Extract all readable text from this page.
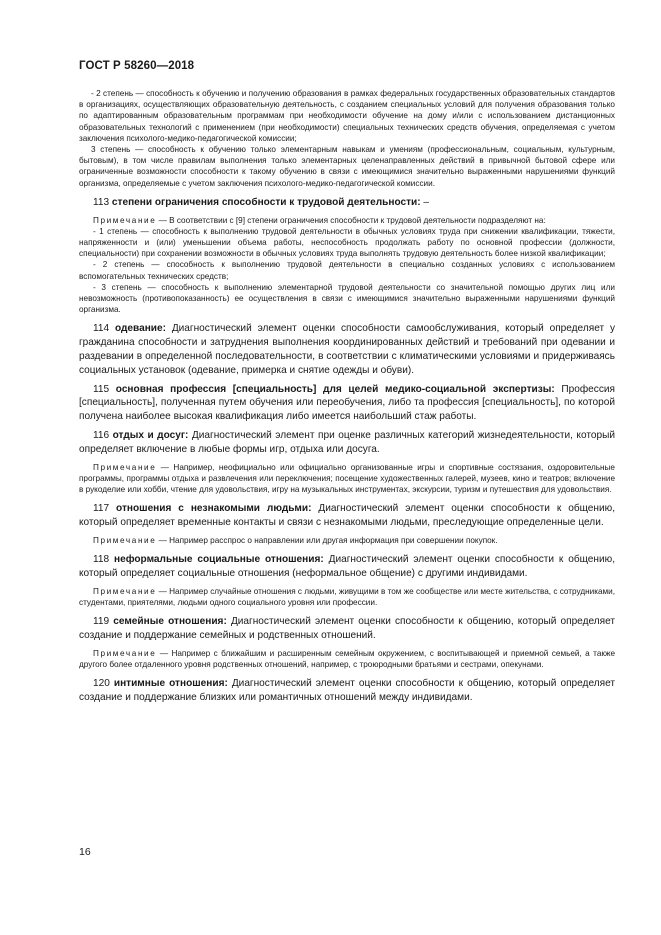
ГОСТ Р 58260—2018

- 2 степень — способность к обучению и получению образования в рамках федеральных государственных образовательных стандартов в организациях, осуществляющих образовательную деятельность, с созданием специальных условий для получения образования только по адаптированным образовательным программам при необходимости обучение на дому и/или с использованием дистанционных образовательных технологий с применением (при необходимости) специальных технических средств обучения, определяемая с учетом заключения психолого-медико-педагогической комиссии;

3 степень — способность к обучению только элементарным навыкам и умениям (профессиональным, социальным, культурным, бытовым), в том числе правилам выполнения только элементарных целенаправленных действий в привычной бытовой сфере или ограниченные возможности способности к такому обучению в связи с имеющимися значительно выраженными нарушениями функций организма, определяемые с учетом заключения психолого-медико-педагогической комиссии.

113 степени ограничения способности к трудовой деятельности: –

Примечание — В соответствии с [9] степени ограничения способности к трудовой деятельности подразделяют на:

- 1 степень — способность к выполнению трудовой деятельности в обычных условиях труда при снижении квалификации, тяжести, напряженности и (или) уменьшении объема работы, неспособность продолжать работу по основной профессии (должности, специальности) при сохранении возможности в обычных условиях труда выполнять трудовую деятельность более низкой квалификации;

- 2 степень — способность к выполнению трудовой деятельности в специально созданных условиях с использованием вспомогательных технических средств;

- 3 степень — способность к выполнению элементарной трудовой деятельности со значительной помощью других лиц или невозможность (противопоказанность) ее осуществления в связи с имеющимися значительно выраженными нарушениями функций организма.

114 одевание: Диагностический элемент оценки способности самообслуживания, который определяет у гражданина способности и затруднения выполнения координированных действий и требований при одевании и раздевании в определенной последовательности, в соответствии с климатическими условиями и придерживаясь социальных установок (одевание, примерка и снятие одежды и обуви).

115 основная профессия [специальность] для целей медико-социальной экспертизы: Профессия [специальность], полученная путем обучения или переобучения, либо та профессия [специальность], по которой получена наиболее высокая квалификация либо имеется наибольший стаж работы.

116 отдых и досуг: Диагностический элемент при оценке различных категорий жизнедеятельности, который определяет включение в любые формы игр, отдыха или досуга.

Примечание — Например, неофициально или официально организованные игры и спортивные состязания, оздоровительные программы, программы отдыха и развлечения или переключения; посещение художественных галерей, музеев, кино и театров; включение в рукоделие или хобби, чтение для удовольствия, игру на музыкальных инструментах, экскурсии, туризм и путешествия для удовольствия.

117 отношения с незнакомыми людьми: Диагностический элемент оценки способности к общению, который определяет временные контакты и связи с незнакомыми людьми, преследующие определенные цели.

Примечание — Например расспрос о направлении или другая информация при совершении покупок.

118 неформальные социальные отношения: Диагностический элемент оценки способности к общению, который определяет социальные отношения (неформальное общение) с другими индивидами.

Примечание — Например случайные отношения с людьми, живущими в том же сообществе или месте жительства, с сотрудниками, студентами, приятелями, людьми одного социального уровня или профессии.

119 семейные отношения: Диагностический элемент оценки способности к общению, который определяет создание и поддержание семейных и родственных отношений.

Примечание — Например с ближайшим и расширенным семейным окружением, с воспитывающей и приемной семьей, а также другого более отдаленного уровня родственных отношений, например, с троюродными братьями и сестрами, опекунами.

120 интимные отношения: Диагностический элемент оценки способности к общению, который определяет создание и поддержание близких или романтичных отношений между индивидами.

16
